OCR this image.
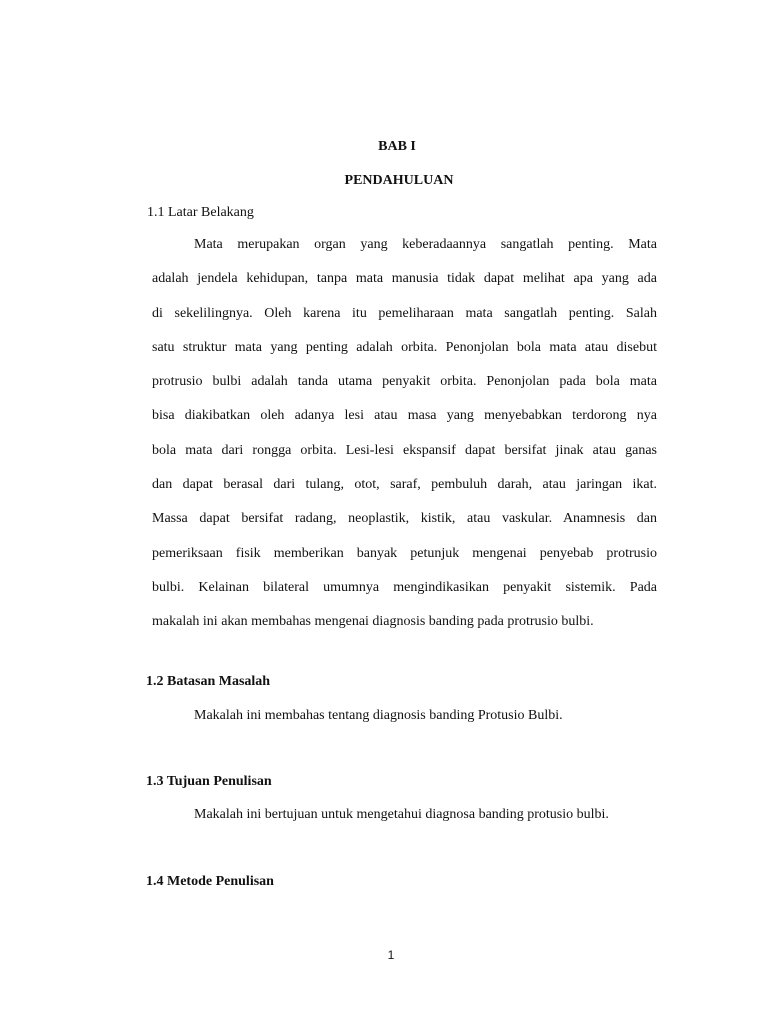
BAB I
PENDAHULUAN
1.1 Latar Belakang
Mata merupakan organ yang keberadaannya sangatlah penting. Mata
adalah jendela kehidupan, tanpa mata manusia tidak dapat melihat apa yang ada
di sekelilingnya. Oleh karena itu pemeliharaan mata sangatlah penting. Salah
satu struktur mata yang penting adalah orbita. Penonjolan bola mata atau disebut
protrusio bulbi adalah tanda utama penyakit orbita. Penonjolan pada bola mata
bisa diakibatkan oleh adanya lesi atau masa yang menyebabkan terdorong nya
bola mata dari rongga orbita. Lesi-lesi ekspansif dapat bersifat jinak atau ganas
dan dapat berasal dari tulang, otot, saraf, pembuluh darah, atau jaringan ikat.
Massa dapat bersifat radang, neoplastik, kistik, atau vaskular. Anamnesis dan
pemeriksaan fisik memberikan banyak petunjuk mengenai penyebab protrusio
bulbi. Kelainan bilateral umumnya mengindikasikan penyakit sistemik. Pada
makalah ini akan membahas mengenai diagnosis banding pada protrusio bulbi.
1.2 Batasan Masalah
Makalah ini membahas tentang diagnosis banding Protusio Bulbi.
1.3 Tujuan Penulisan
Makalah ini bertujuan untuk mengetahui diagnosa banding protusio bulbi.
1.4 Metode Penulisan
1
